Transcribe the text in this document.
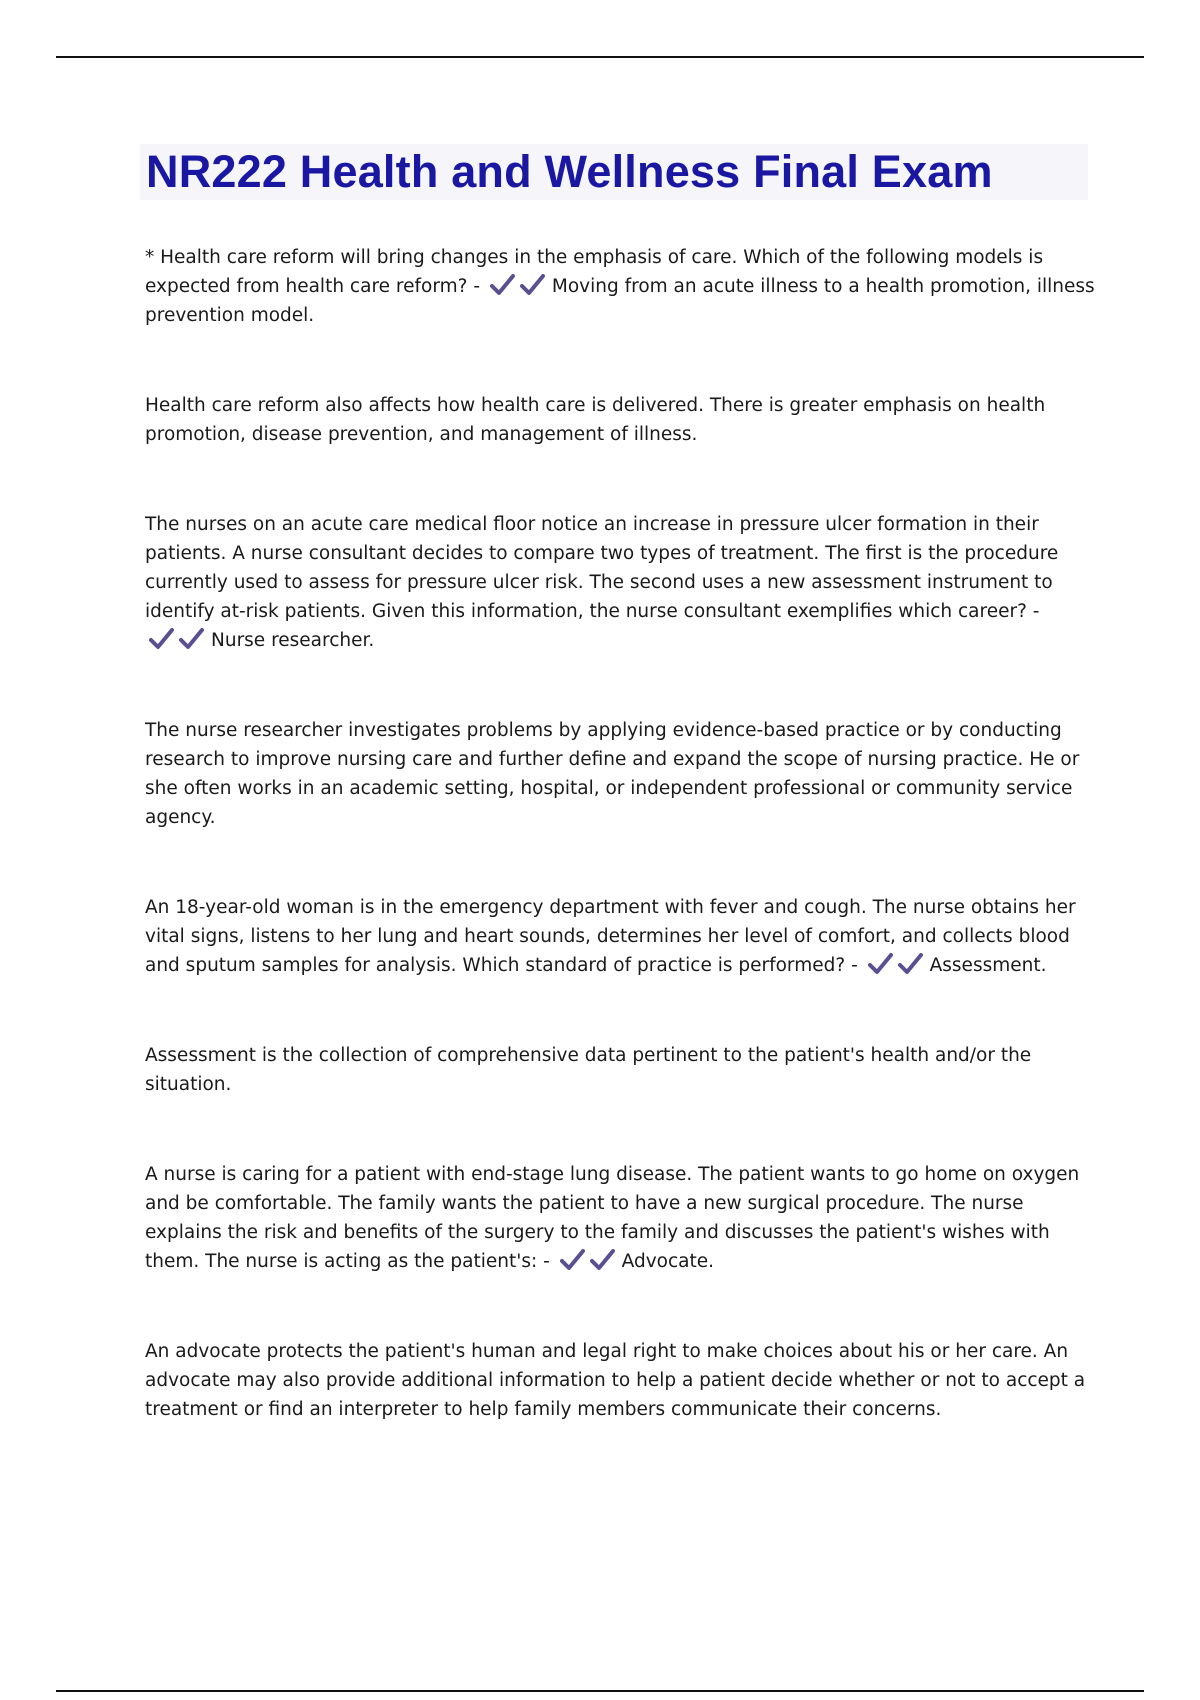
NR222 Health and Wellness Final Exam

* Health care reform will bring changes in the emphasis of care. Which of the following models is expected from health care reform? -	Moving from an acute illness to a health promotion, illness prevention model.

Health care reform also affects how health care is delivered. There is greater emphasis on health promotion, disease prevention, and management of illness.

The nurses on an acute care medical floor notice an increase in pressure ulcer formation in their patients. A nurse consultant decides to compare two types of treatment. The first is the procedure currently used to assess for pressure ulcer risk. The second uses a new assessment instrument to identify at-risk patients. Given this information, the nurse consultant exemplifies which career? -
Nurse researcher.

The nurse researcher investigates problems by applying evidence-based practice or by conducting research to improve nursing care and further define and expand the scope of nursing practice. He or she often works in an academic setting, hospital, or independent professional or community service agency.

An 18-year-old woman is in the emergency department with fever and cough. The nurse obtains her vital signs, listens to her lung and heart sounds, determines her level of comfort, and collects blood and sputum samples for analysis. Which standard of practice is performed? -	Assessment.

Assessment is the collection of comprehensive data pertinent to the patient's health and/or the situation.

A nurse is caring for a patient with end-stage lung disease. The patient wants to go home on oxygen and be comfortable. The family wants the patient to have a new surgical procedure. The nurse explains the risk and benefits of the surgery to the family and discusses the patient's wishes with them. The nurse is acting as the patient's: -	Advocate.

An advocate protects the patient's human and legal right to make choices about his or her care. An advocate may also provide additional information to help a patient decide whether or not to accept a treatment or find an interpreter to help family members communicate their concerns.
